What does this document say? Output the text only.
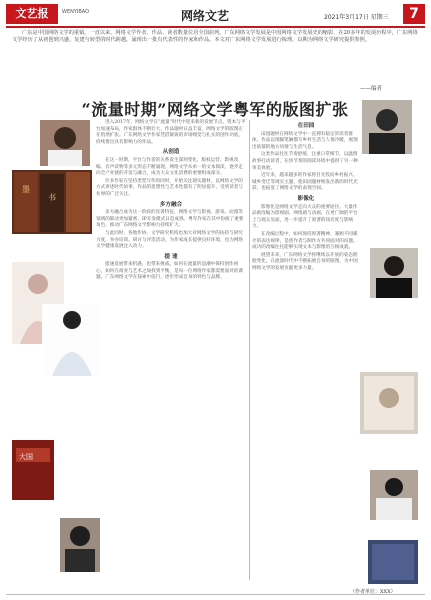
文艺报	WENYIBAO	网络文艺	2021年3月17日 星期三	7
广东是中国网络文学的重镇，一直以来，网络文学作者、作品、读者数量位居全国前列。广东网络文学发展是中国网络文学发展史的缩影，在20多年的发展历程中，广东网络文学经历了从初创到兴盛、复建与转型的时代跨越。涌现出一批有代表性的作家和作品。本文对广东网络文学发展进行梳理，以期为网络文学研究提供参照。
——编者
“流量时期”网络文学粤军的版图扩张
墨
书
大国

进入2017年，网络文学在“流量”时代中迎来新的发展节点。资本与平台加速布局，作家群体不断壮大，作品题材日益丰富，网络文学的版图正在悄然扩张。广东网络文学作家凭借敏锐的市场嗅觉与扎实的创作功底，持续推出具有影响力的作品。

从创造

在这一时期，平台与作者的关系发生深刻变化，版权运营、影视改编、有声读物等多元形态不断涌现。网络文学从单一的文本阅读，逐步走向全产业链的开发与融合，成为大众文化消费的重要组成部分。

许多作家在坚持类型写作的同时，开始关注现实题材，以网络文学的方式讲述时代故事，作品的思想性与艺术性都有了明显提升，受到读者与业界的广泛关注。

多方融合

多方融合成为这一阶段的显著特征，网络文学与影视、游戏、动漫等领域的联动更加紧密，IP开发模式日趋成熟。粤军作家在其中扮演了重要角色，推动广东网络文学影响力持续扩大。

与此同时，各地作协、文学研究机构也加大对网络文学的扶持与研究力度，举办培训、研讨与评选活动，为作家成长提供良好环境，也为网络文学健康发展注入动力。

提 速

提速发展带来机遇，也带来挑战。如何在流量的浪潮中保持创作初心，如何在商业与艺术之间找到平衡，是每一位网络作家都需要面对的课题。广东网络文学在探索中前行，逐步形成自身的特色与品牌。

在田园

田园题材在网络文学中一直拥有稳定的读者群体，作品以细腻笔触描写乡村生活与人情冷暖，展现出浓郁的地方风情与生活气息。

这类作品往往节奏舒缓，注重日常细节，以温情故事打动读者，在快节奏的阅读环境中提供了另一种审美体验。

近年来，越来越多的作家将目光投向乡村振兴、城乡变迁等现实主题，使田园题材焕发出新的时代光彩，也拓宽了网络文学的表现空间。

影像化

影像化是网络文学走向大众的重要途径。大量作品被改编为影视剧、网络剧与动画，在更广阔的平台上与观众见面，进一步提升了原著的知名度与影响力。

在改编过程中，如何保持原著精神、兼顾不同媒介的表达规律，是创作者与制作方共同面对的问题。成功的改编往往能够实现文本与影像的互相成就。

展望未来，广东网络文学将继续以开放的姿态拥抱变化，在流量时代中不断拓展自身的版图，为中国网络文学的发展贡献更多力量。

（作者单位：XXX）
